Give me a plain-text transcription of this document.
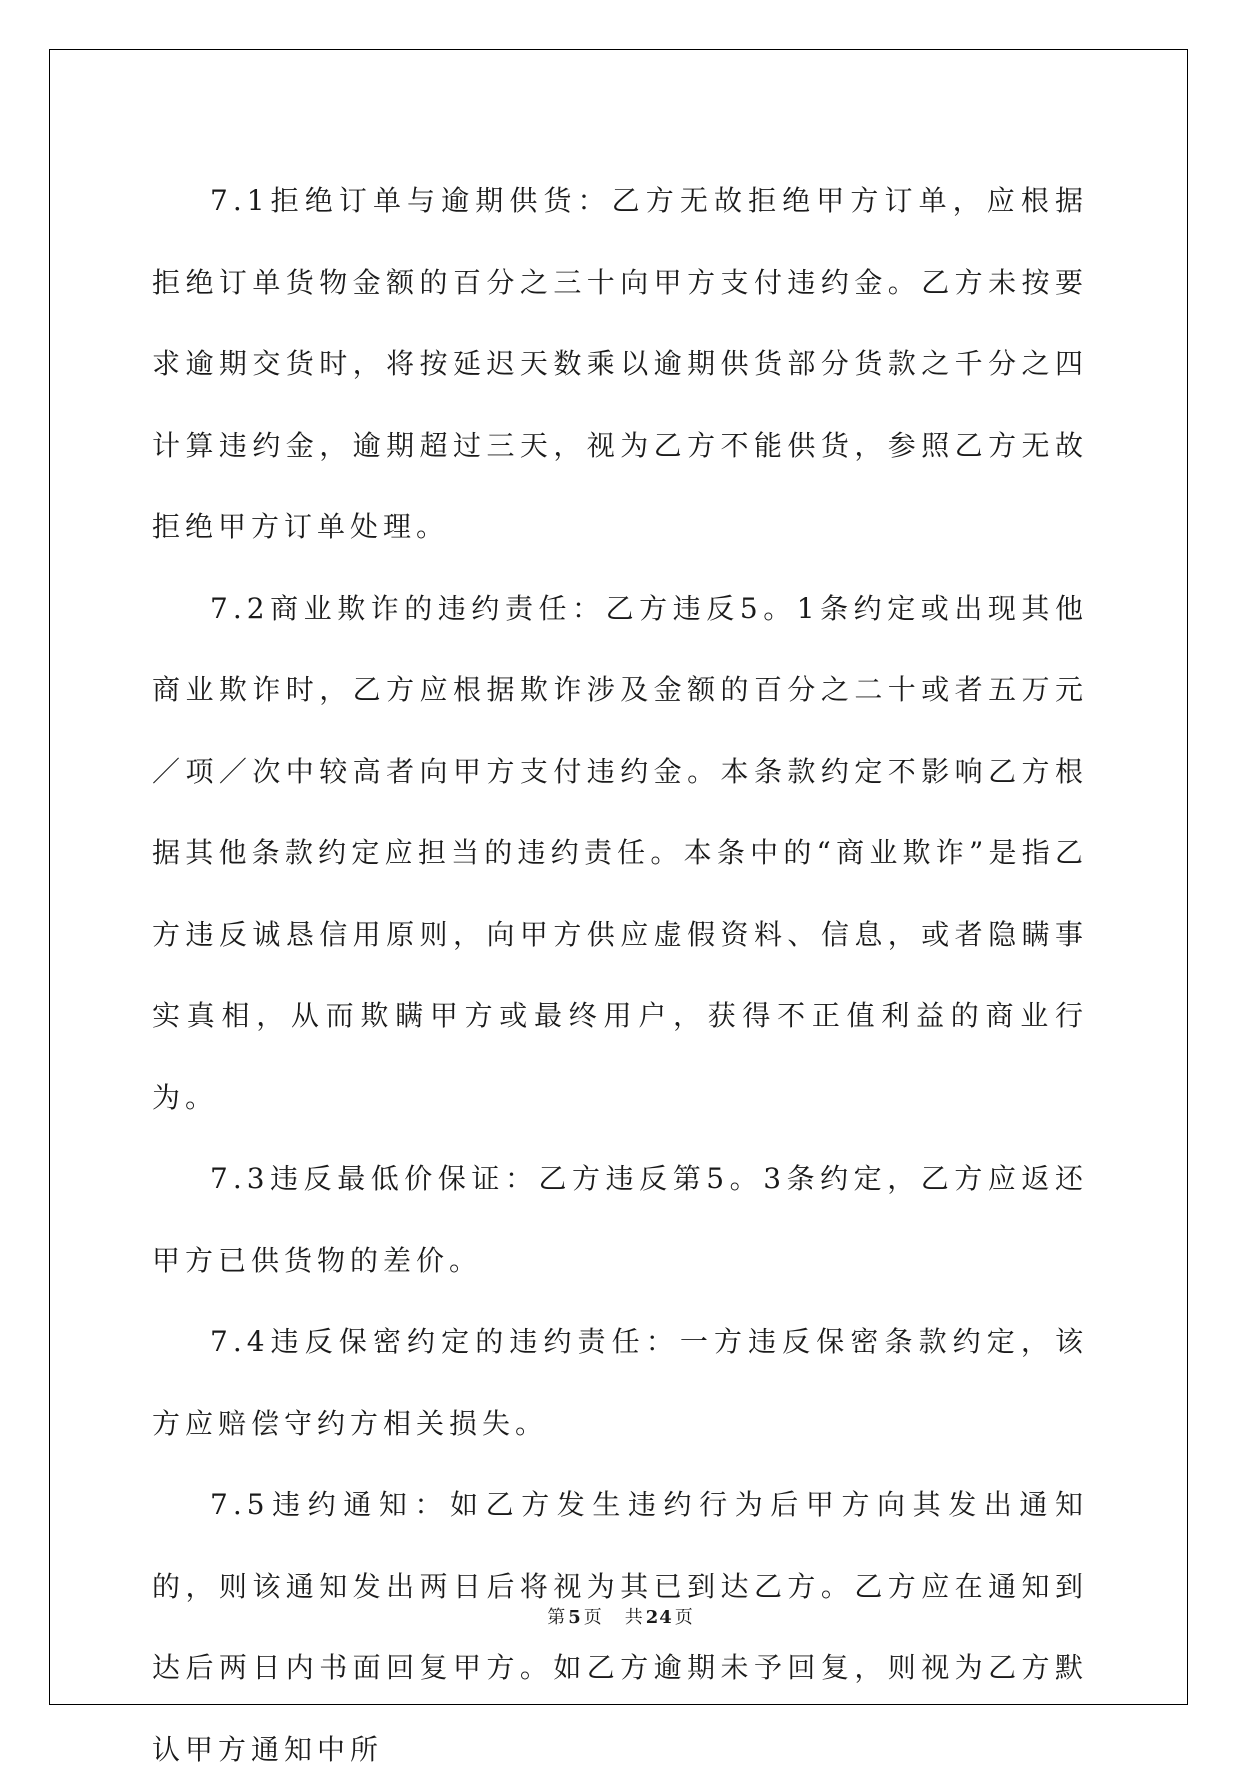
7.1拒绝订单与逾期供货：乙方无故拒绝甲方订单，应根据拒绝订单货物金额的百分之三十向甲方支付违约金。乙方未按要求逾期交货时，将按延迟天数乘以逾期供货部分货款之千分之四计算违约金，逾期超过三天，视为乙方不能供货，参照乙方无故拒绝甲方订单处理。

7.2商业欺诈的违约责任：乙方违反5。1条约定或出现其他商业欺诈时，乙方应根据欺诈涉及金额的百分之二十或者五万元／项／次中较高者向甲方支付违约金。本条款约定不影响乙方根据其他条款约定应担当的违约责任。本条中的“商业欺诈”是指乙方违反诚恳信用原则，向甲方供应虚假资料、信息，或者隐瞒事实真相，从而欺瞒甲方或最终用户，获得不正值利益的商业行为。

7.3违反最低价保证：乙方违反第5。3条约定，乙方应返还甲方已供货物的差价。

7.4违反保密约定的违约责任：一方违反保密条款约定，该方应赔偿守约方相关损失。

7.5违约通知：如乙方发生违约行为后甲方向其发出通知的，则该通知发出两日后将视为其已到达乙方。乙方应在通知到达后两日内书面回复甲方。如乙方逾期未予回复，则视为乙方默认甲方通知中所

第 5 页 共 24 页
